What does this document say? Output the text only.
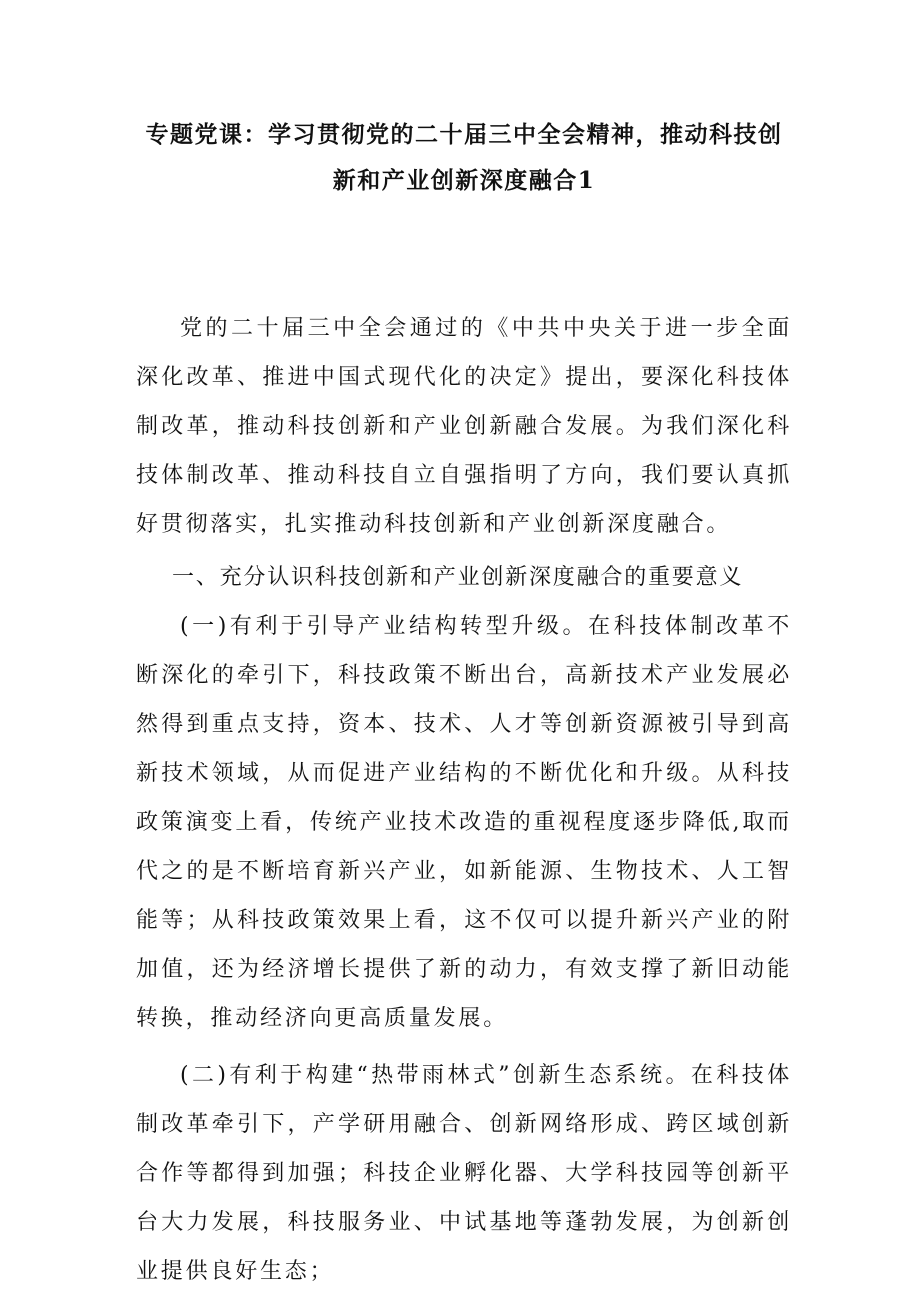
专题党课：学习贯彻党的二十届三中全会精神，推动科技创
新和产业创新深度融合1

党的二十届三中全会通过的《中共中央关于进一步全面深化改革、推进中国式现代化的决定》提出，要深化科技体制改革，推动科技创新和产业创新融合发展。为我们深化科技体制改革、推动科技自立自强指明了方向，我们要认真抓好贯彻落实，扎实推动科技创新和产业创新深度融合。

一、充分认识科技创新和产业创新深度融合的重要意义

(一)有利于引导产业结构转型升级。在科技体制改革不断深化的牵引下，科技政策不断出台，高新技术产业发展必然得到重点支持，资本、技术、人才等创新资源被引导到高新技术领域，从而促进产业结构的不断优化和升级。从科技政策演变上看，传统产业技术改造的重视程度逐步降低,取而代之的是不断培育新兴产业，如新能源、生物技术、人工智能等；从科技政策效果上看，这不仅可以提升新兴产业的附加值，还为经济增长提供了新的动力，有效支撑了新旧动能转换，推动经济向更高质量发展。

(二)有利于构建“热带雨林式”创新生态系统。在科技体制改革牵引下，产学研用融合、创新网络形成、跨区域创新合作等都得到加强；科技企业孵化器、大学科技园等创新平台大力发展，科技服务业、中试基地等蓬勃发展，为创新创业提供良好生态；
